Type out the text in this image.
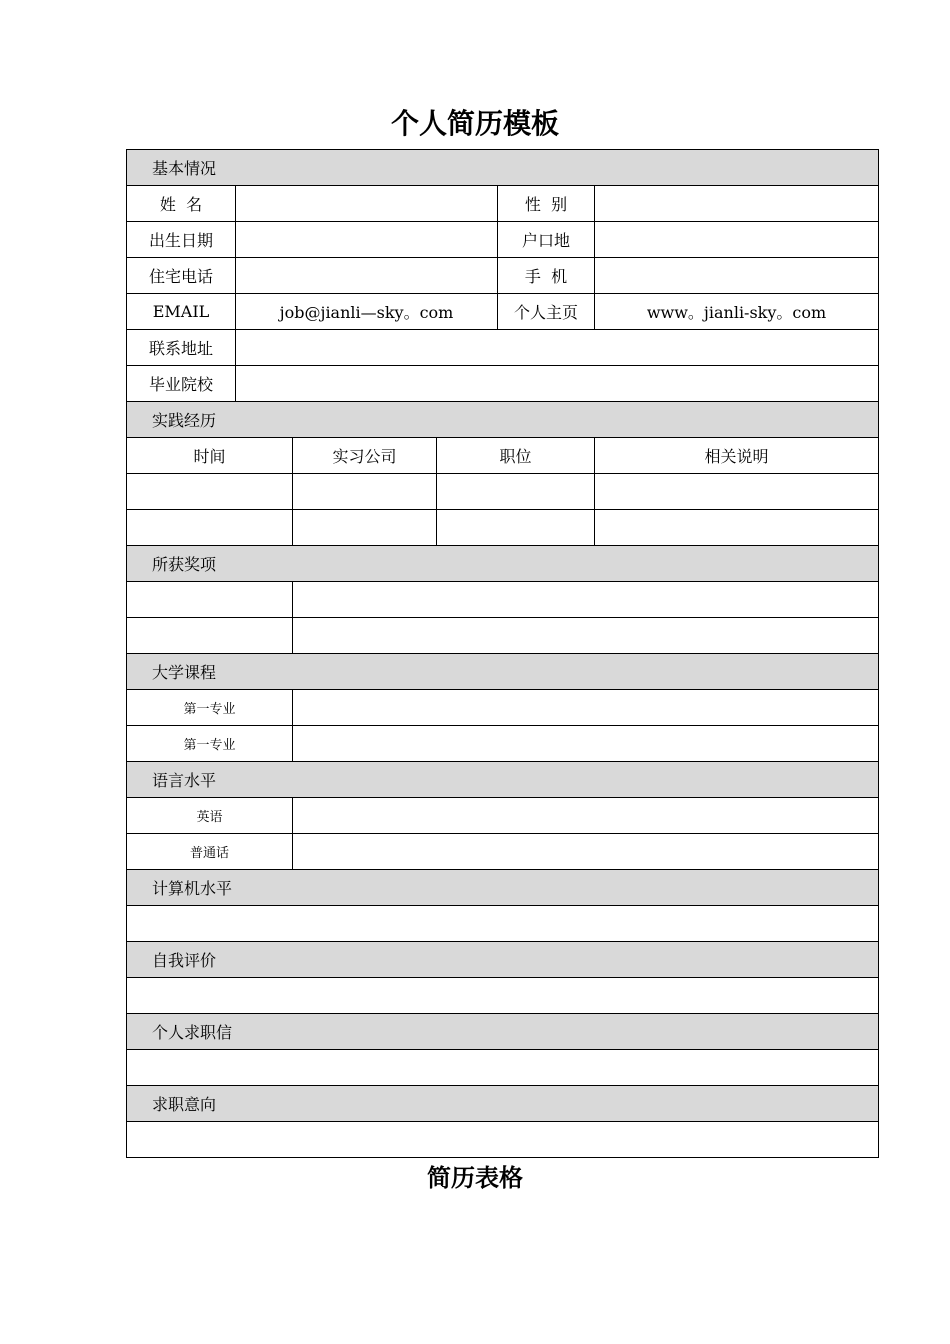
个人简历模板
基本情况					
姓  名				性  别	
出生日期				户口地	
住宅电话				手  机	
EMAIL	job@jianli—sky。com			个人主页	www。jianli-sky。com
联系地址					
毕业院校					
实践经历					
时间		实习公司	职位		相关说明

所获奖项					

大学课程					
第一专业					
第一专业					
语言水平					
英语					
普通话					
计算机水平					

自我评价					

个人求职信					

求职意向					

简历表格
